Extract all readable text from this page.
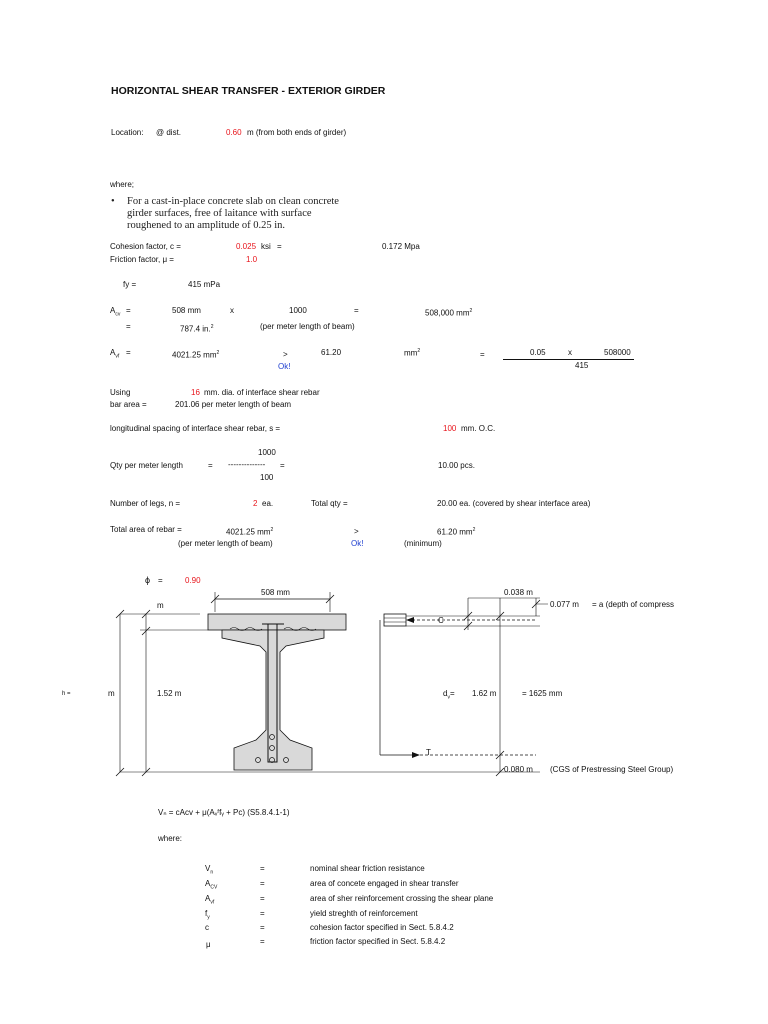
HORIZONTAL SHEAR TRANSFER - EXTERIOR GIRDER
Location: @ dist.	0.60 m (from both ends of girder)
where;
• For a cast-in-place concrete slab on clean concrete
girder surfaces, free of laitance with surface
roughened to an amplitude of 0.25 in.
Cohesion factor, c =	0.025 ksi =	0.172 Mpa
Friction factor, μ =	1.0
fy =	415 mPa
$A_{cv}$ =	508 mm	x	1000	=	508,000 $mm^2$
=	787.4 in.$^2$	(per meter length of beam)
$A_{vf}$ =	4021.25 $mm^2$	>	61.20	$mm^2$	=	0.05	x	508000
415
Ok!
Using	16 mm. dia. of interface shear rebar
bar area =	201.06 per meter length of beam
longitudinal spacing of interface shear rebar, s =	100 mm. O.C.
1000
Qty per meter length	= -------------- =	10.00 pcs.
100
Number of legs, n =	2 ea.	Total qty =	20.00 ea. (covered by shear interface area)
Total area of rebar =	4021.25 $mm^2$	>	61.20 $mm^2$
(per meter length of beam)	Ok!	(minimum)
ϕ =	0.90
m
508 mm
h =	m	1.52 m
0.038 m
0.077 m = a (depth of compress
C
T
$d_v= 1.62$ m	= 1625 mm
0.080 m (CGS of Prestressing Steel Group)
Vₙ = cAᴄᴠ + μ(Aᵥᶠfᵧ + Pᴄ) (S5.8.4.1-1)
where:
$V_n$	=	nominal shear friction resistance
$A_{CV}$	=	area of concete engaged in shear transfer
$A_{vf}$	=	area of sher reinforcement crossing the shear plane
$f_y$	=	yield streghth of reinforcement
c	=	cohesion factor specified in Sect. 5.8.4.2
μ	=	friction factor specified in Sect. 5.8.4.2
